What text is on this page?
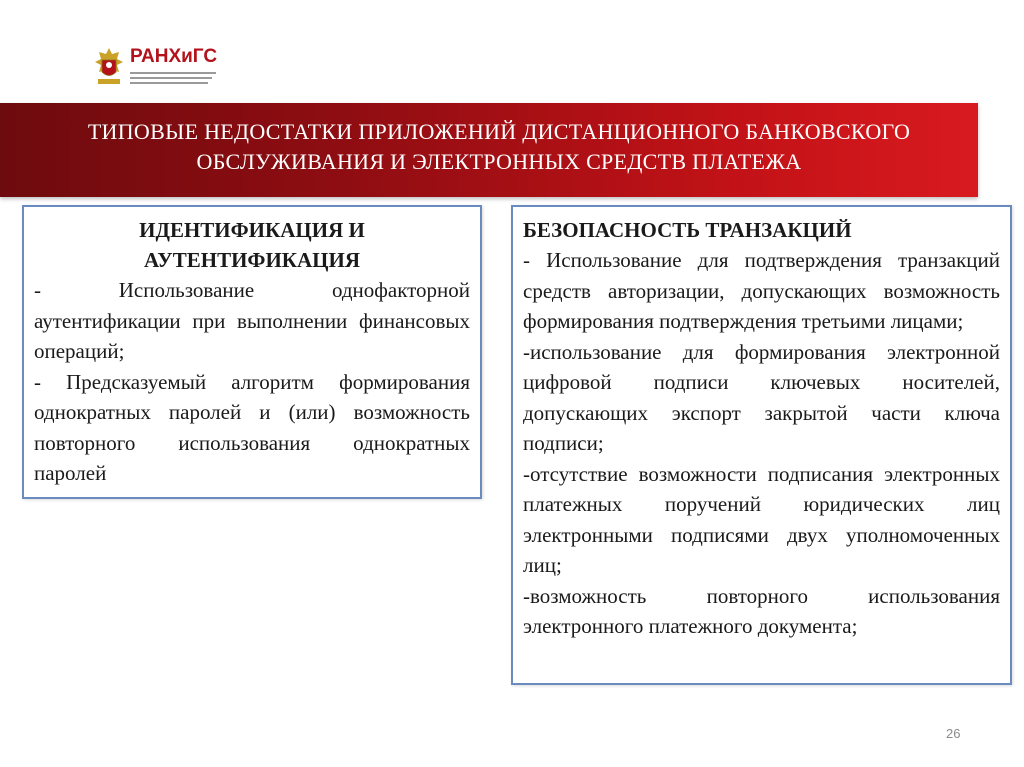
РАНХиГС
ТИПОВЫЕ НЕДОСТАТКИ ПРИЛОЖЕНИЙ ДИСТАНЦИОННОГО БАНКОВСКОГО ОБСЛУЖИВАНИЯ И ЭЛЕКТРОННЫХ СРЕДСТВ ПЛАТЕЖА

ИДЕНТИФИКАЦИЯ И АУТЕНТИФИКАЦИЯ

- Использование однофакторной аутентификации при выполнении финансовых операций;

- Предсказуемый алгоритм формирования однократных паролей и (или) возможность повторного использования однократных паролей

БЕЗОПАСНОСТЬ ТРАНЗАКЦИЙ

- Использование для подтверждения транзакций средств авторизации, допускающих возможность формирования подтверждения третьими лицами;

-использование для формирования электронной цифровой подписи ключевых носителей, допускающих экспорт закрытой части ключа подписи;

-отсутствие возможности подписания электронных платежных поручений юридических лиц электронными подписями двух уполномоченных лиц;

-возможность повторного использования электронного платежного документа;

26
